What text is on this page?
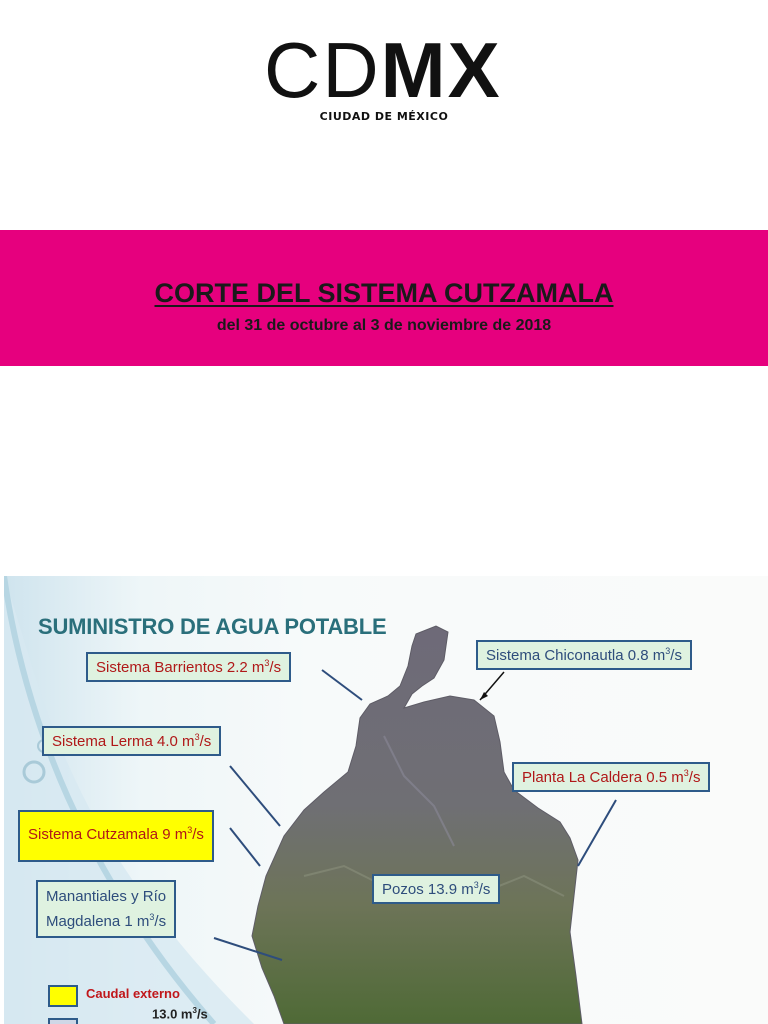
CDMX
CIUDAD DE MÉXICO
CORTE DEL SISTEMA CUTZAMALA
del 31 de octubre al 3 de noviembre de 2018
SUMINISTRO DE AGUA POTABLE
Sistema Barrientos 2.2 $m^3/s$
Sistema Chiconautla 0.8 $m^3/s$
Sistema Lerma 4.0 $m^3/s$
Planta La Caldera 0.5 $m^3/s$
Sistema Cutzamala 9 $m^3/s$
Pozos 13.9 $m^3/s$
Manantiales y Río
Magdalena 1 $m^3/s$
Caudal externo
13.0 $m^3/s$
